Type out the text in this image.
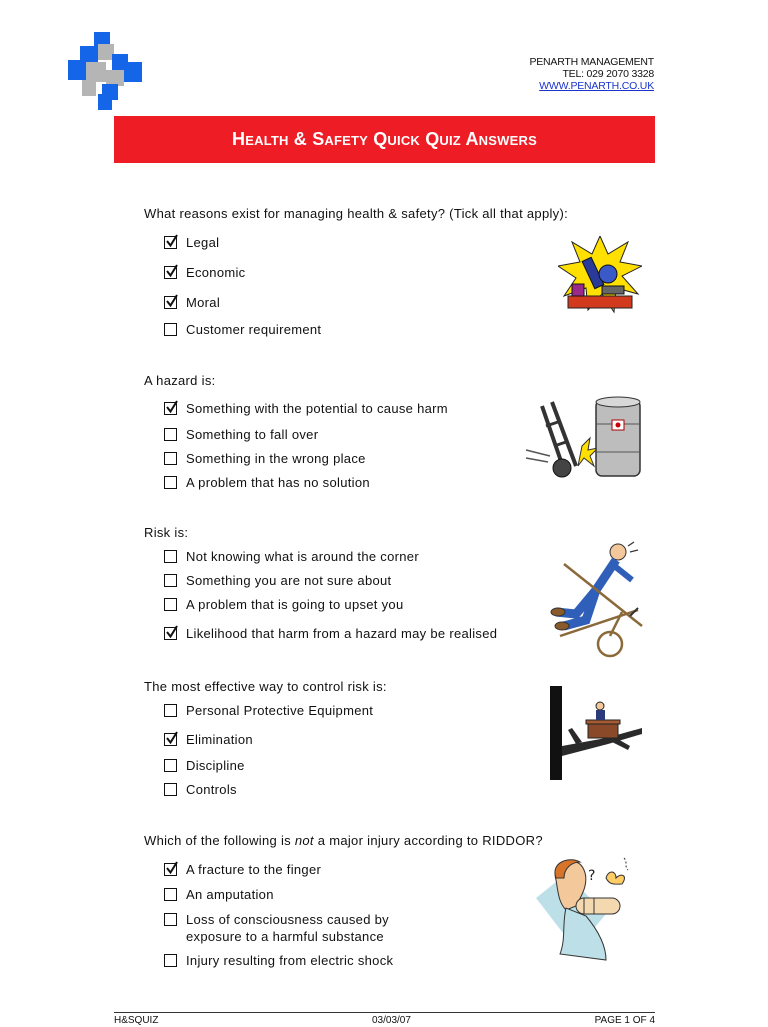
PENARTH MANAGEMENT
TEL: 029 2070 3328
WWW.PENARTH.CO.UK
Health & Safety Quick Quiz Answers
What reasons exist for managing health & safety? (Tick all that apply):
Legal
Economic
Moral
Customer requirement
A hazard is:
Something with the potential to cause harm
Something to fall over
Something in the wrong place
A problem that has no solution
Risk is:
Not knowing what is around the corner
Something you are not sure about
A problem that is going to upset you
Likelihood that harm from a hazard may be realised
The most effective way to control risk is:
Personal Protective Equipment
Elimination
Discipline
Controls
Which of the following is not a major injury according to RIDDOR?
A fracture to the finger
An amputation
Loss of consciousness caused by exposure to a harmful substance
Injury resulting from electric shock
?
H&SQUIZ	03/03/07	PAGE 1 OF 4
